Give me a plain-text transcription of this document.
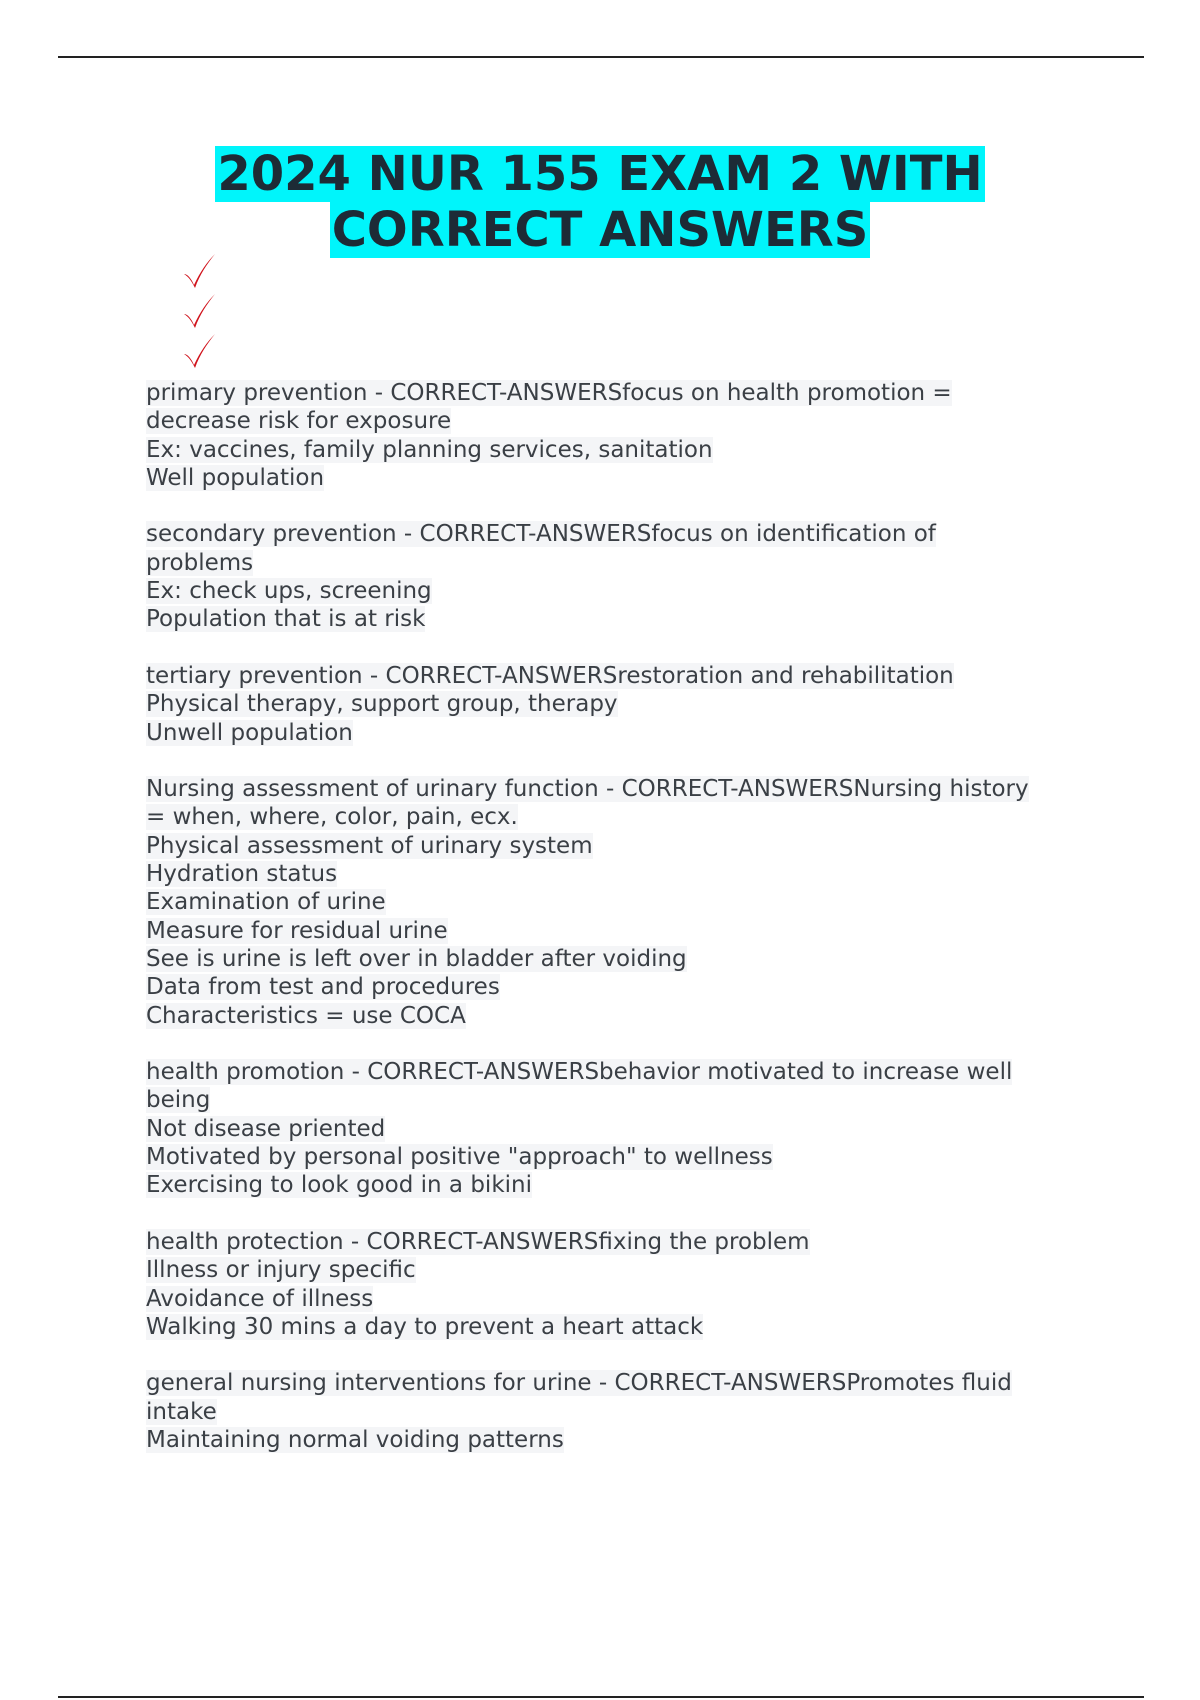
2024 NUR 155 EXAM 2 WITH
CORRECT ANSWERS
primary prevention - CORRECT-ANSWERSfocus on health promotion =
decrease risk for exposure
Ex: vaccines, family planning services, sanitation
Well population
secondary prevention - CORRECT-ANSWERSfocus on identification of
problems
Ex: check ups, screening
Population that is at risk
tertiary prevention - CORRECT-ANSWERSrestoration and rehabilitation
Physical therapy, support group, therapy
Unwell population
Nursing assessment of urinary function - CORRECT-ANSWERSNursing history
= when, where, color, pain, ecx.
Physical assessment of urinary system
Hydration status
Examination of urine
Measure for residual urine
See is urine is left over in bladder after voiding
Data from test and procedures
Characteristics = use COCA
health promotion - CORRECT-ANSWERSbehavior motivated to increase well
being
Not disease priented
Motivated by personal positive "approach" to wellness
Exercising to look good in a bikini
health protection - CORRECT-ANSWERSfixing the problem
Illness or injury specific
Avoidance of illness
Walking 30 mins a day to prevent a heart attack
general nursing interventions for urine - CORRECT-ANSWERSPromotes fluid
intake
Maintaining normal voiding patterns
